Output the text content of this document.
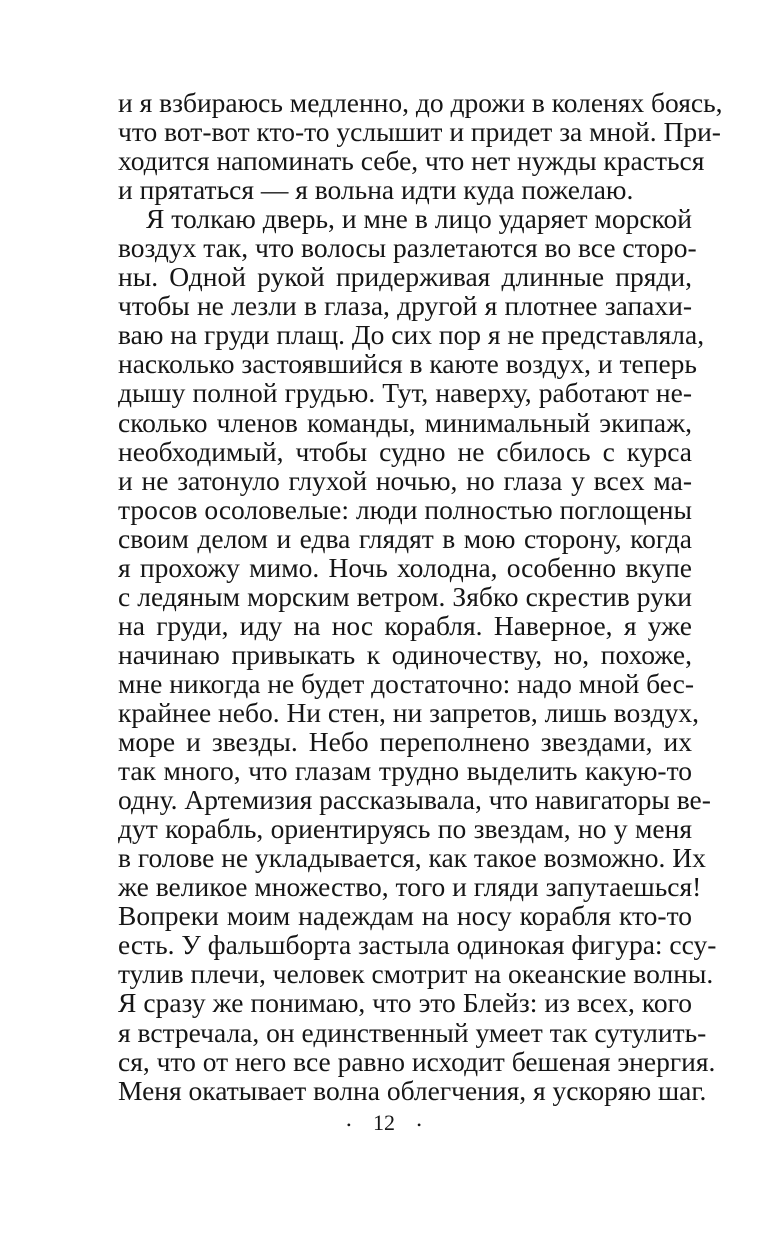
и я взбираюсь медленно, до дрожи в коленях боясь,
что вот-вот кто-то услышит и придет за мной. При-
ходится напоминать себе, что нет нужды красться
и прятаться — я вольна идти куда пожелаю.
Я толкаю дверь, и мне в лицо ударяет морской
воздух так, что волосы разлетаются во все сторо-
ны. Одной рукой придерживая длинные пряди,
чтобы не лезли в глаза, другой я плотнее запахи-
ваю на груди плащ. До сих пор я не представляла,
насколько застоявшийся в каюте воздух, и теперь
дышу полной грудью. Тут, наверху, работают не-
сколько членов команды, минимальный экипаж,
необходимый, чтобы судно не сбилось с курса
и не затонуло глухой ночью, но глаза у всех ма-
тросов осоловелые: люди полностью поглощены
своим делом и едва глядят в мою сторону, когда
я прохожу мимо. Ночь холодна, особенно вкупе
с ледяным морским ветром. Зябко скрестив руки
на груди, иду на нос корабля. Наверное, я уже
начинаю привыкать к одиночеству, но, похоже,
мне никогда не будет достаточно: надо мной бес-
крайнее небо. Ни стен, ни запретов, лишь воздух,
море и звезды. Небо переполнено звездами, их
так много, что глазам трудно выделить какую-то
одну. Артемизия рассказывала, что навигаторы ве-
дут корабль, ориентируясь по звездам, но у меня
в голове не укладывается, как такое возможно. Их
же великое множество, того и гляди запутаешься!
Вопреки моим надеждам на носу корабля кто-то
есть. У фальшборта застыла одинокая фигура: ссу-
тулив плечи, человек смотрит на океанские волны.
Я сразу же понимаю, что это Блейз: из всех, кого
я встречала, он единственный умеет так сутулить-
ся, что от него все равно исходит бешеная энергия.
Меня окатывает волна облегчения, я ускоряю шаг.
• 12 •
